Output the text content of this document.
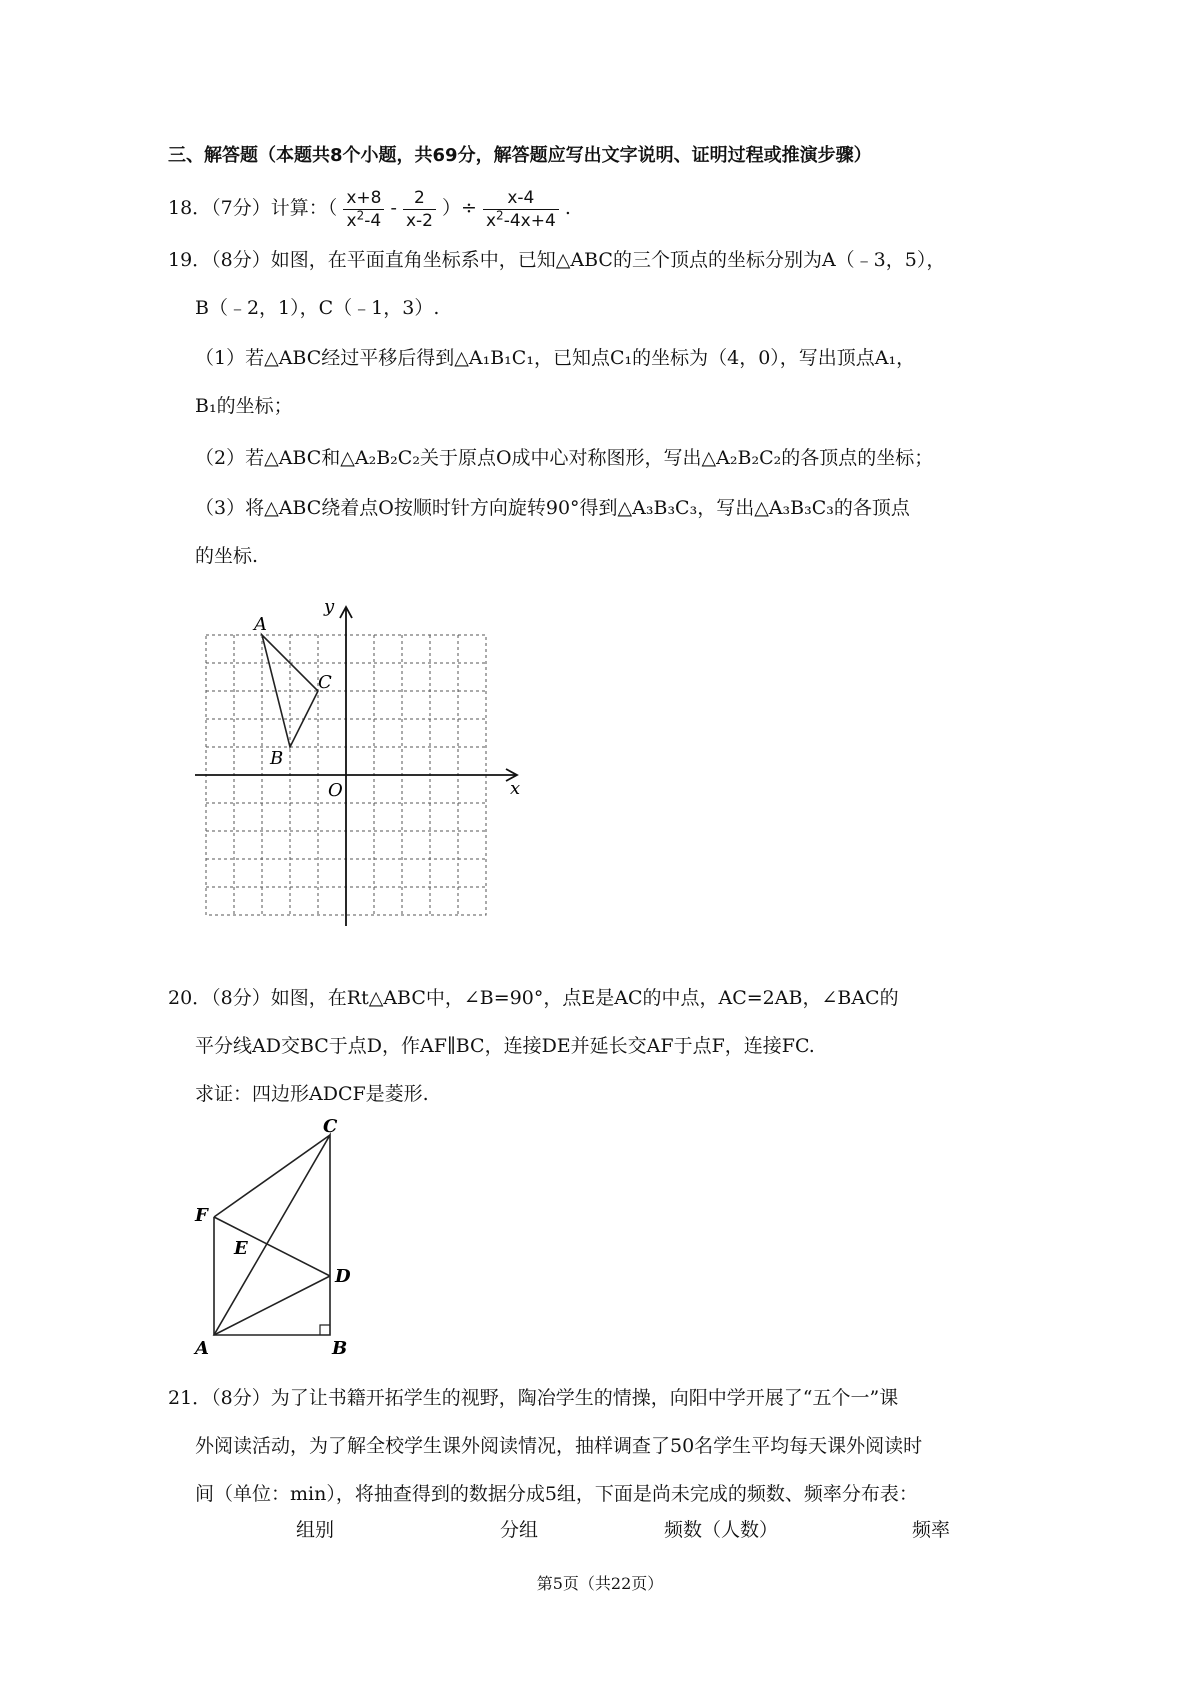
三、解答题（本题共8个小题，共69分，解答题应写出文字说明、证明过程或推演步骤）
18．（7分）计算：（ $\frac{x+8}{x^2-4} - \frac{2}{x-2}$ ）÷ $\frac{x-4}{x^2-4x+4}$ .
19．（8分）如图，在平面直角坐标系中，已知△ABC的三个顶点的坐标分别为A（﹣3，5），
B（﹣2，1），C（﹣1，3）.
（1）若△ABC经过平移后得到△A₁B₁C₁，已知点C₁的坐标为（4，0），写出顶点A₁，
B₁的坐标；
（2）若△ABC和△A₂B₂C₂关于原点O成中心对称图形，写出△A₂B₂C₂的各顶点的坐标；
（3）将△ABC绕着点O按顺时针方向旋转90°得到△A₃B₃C₃，写出△A₃B₃C₃的各顶点
的坐标.
A
B
C
O	x
y
20．（8分）如图，在Rt△ABC中，∠B=90°，点E是AC的中点，AC=2AB，∠BAC的
平分线AD交BC于点D，作AF∥BC，连接DE并延长交AF于点F，连接FC.
求证：四边形ADCF是菱形.
C
F
E
D
A	B
21．（8分）为了让书籍开拓学生的视野，陶冶学生的情操，向阳中学开展了“五个一”课
外阅读活动，为了解全校学生课外阅读情况，抽样调查了50名学生平均每天课外阅读时
间（单位：min），将抽查得到的数据分成5组，下面是尚未完成的频数、频率分布表：
组别	分组	频数（人数）	频率
第5页（共22页）
